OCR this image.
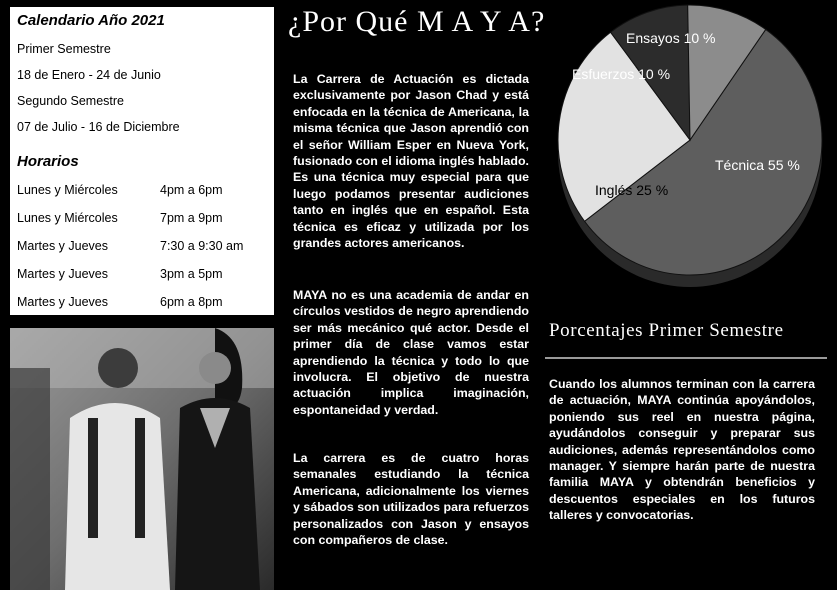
Calendario Año 2021
Primer Semestre
18 de Enero - 24 de Junio
Segundo Semestre
07 de Julio - 16 de Diciembre
Horarios
Lunes y Miércoles	4pm a 6pm
Lunes y Miércoles	7pm a 9pm
Martes y Jueves	7:30 a 9:30 am
Martes y Jueves	3pm a 5pm
Martes y Jueves	6pm a 8pm
¿Por Qué M A Y A?

La Carrera de Actuación es dictada exclusivamente por Jason Chad y está enfocada en la técnica de Americana, la misma técnica que Jason aprendió con el señor William Esper en Nueva York, fusionado con el idioma inglés hablado. Es una técnica muy especial para que luego podamos presentar audiciones tanto en inglés que en español. Esta técnica es eficaz y utilizada por los grandes actores americanos.

MAYA no es una academia de andar en círculos vestidos de negro aprendiendo ser más mecánico qué actor. Desde el primer día de clase vamos estar aprendiendo la técnica y todo lo que involucra. El objetivo de nuestra actuación implica imaginación, espontaneidad y verdad.

La carrera es de cuatro horas semanales estudiando la técnica Americana, adicionalmente los viernes y sábados son utilizados para refuerzos personalizados con Jason y ensayos con compañeros de clase.

Técnica 55 %
Inglés 25 %
Esfuerzos 10 %
Ensayos 10 %
Porcentajes Primer Semestre

Cuando los alumnos terminan con la carrera de actuación, MAYA continúa apoyándolos, poniendo sus reel en nuestra página, ayudándolos conseguir y preparar sus audiciones, además representándolos como manager. Y siempre harán parte de nuestra familia MAYA y obtendrán beneficios y descuentos especiales en los futuros talleres y convocatorias.
